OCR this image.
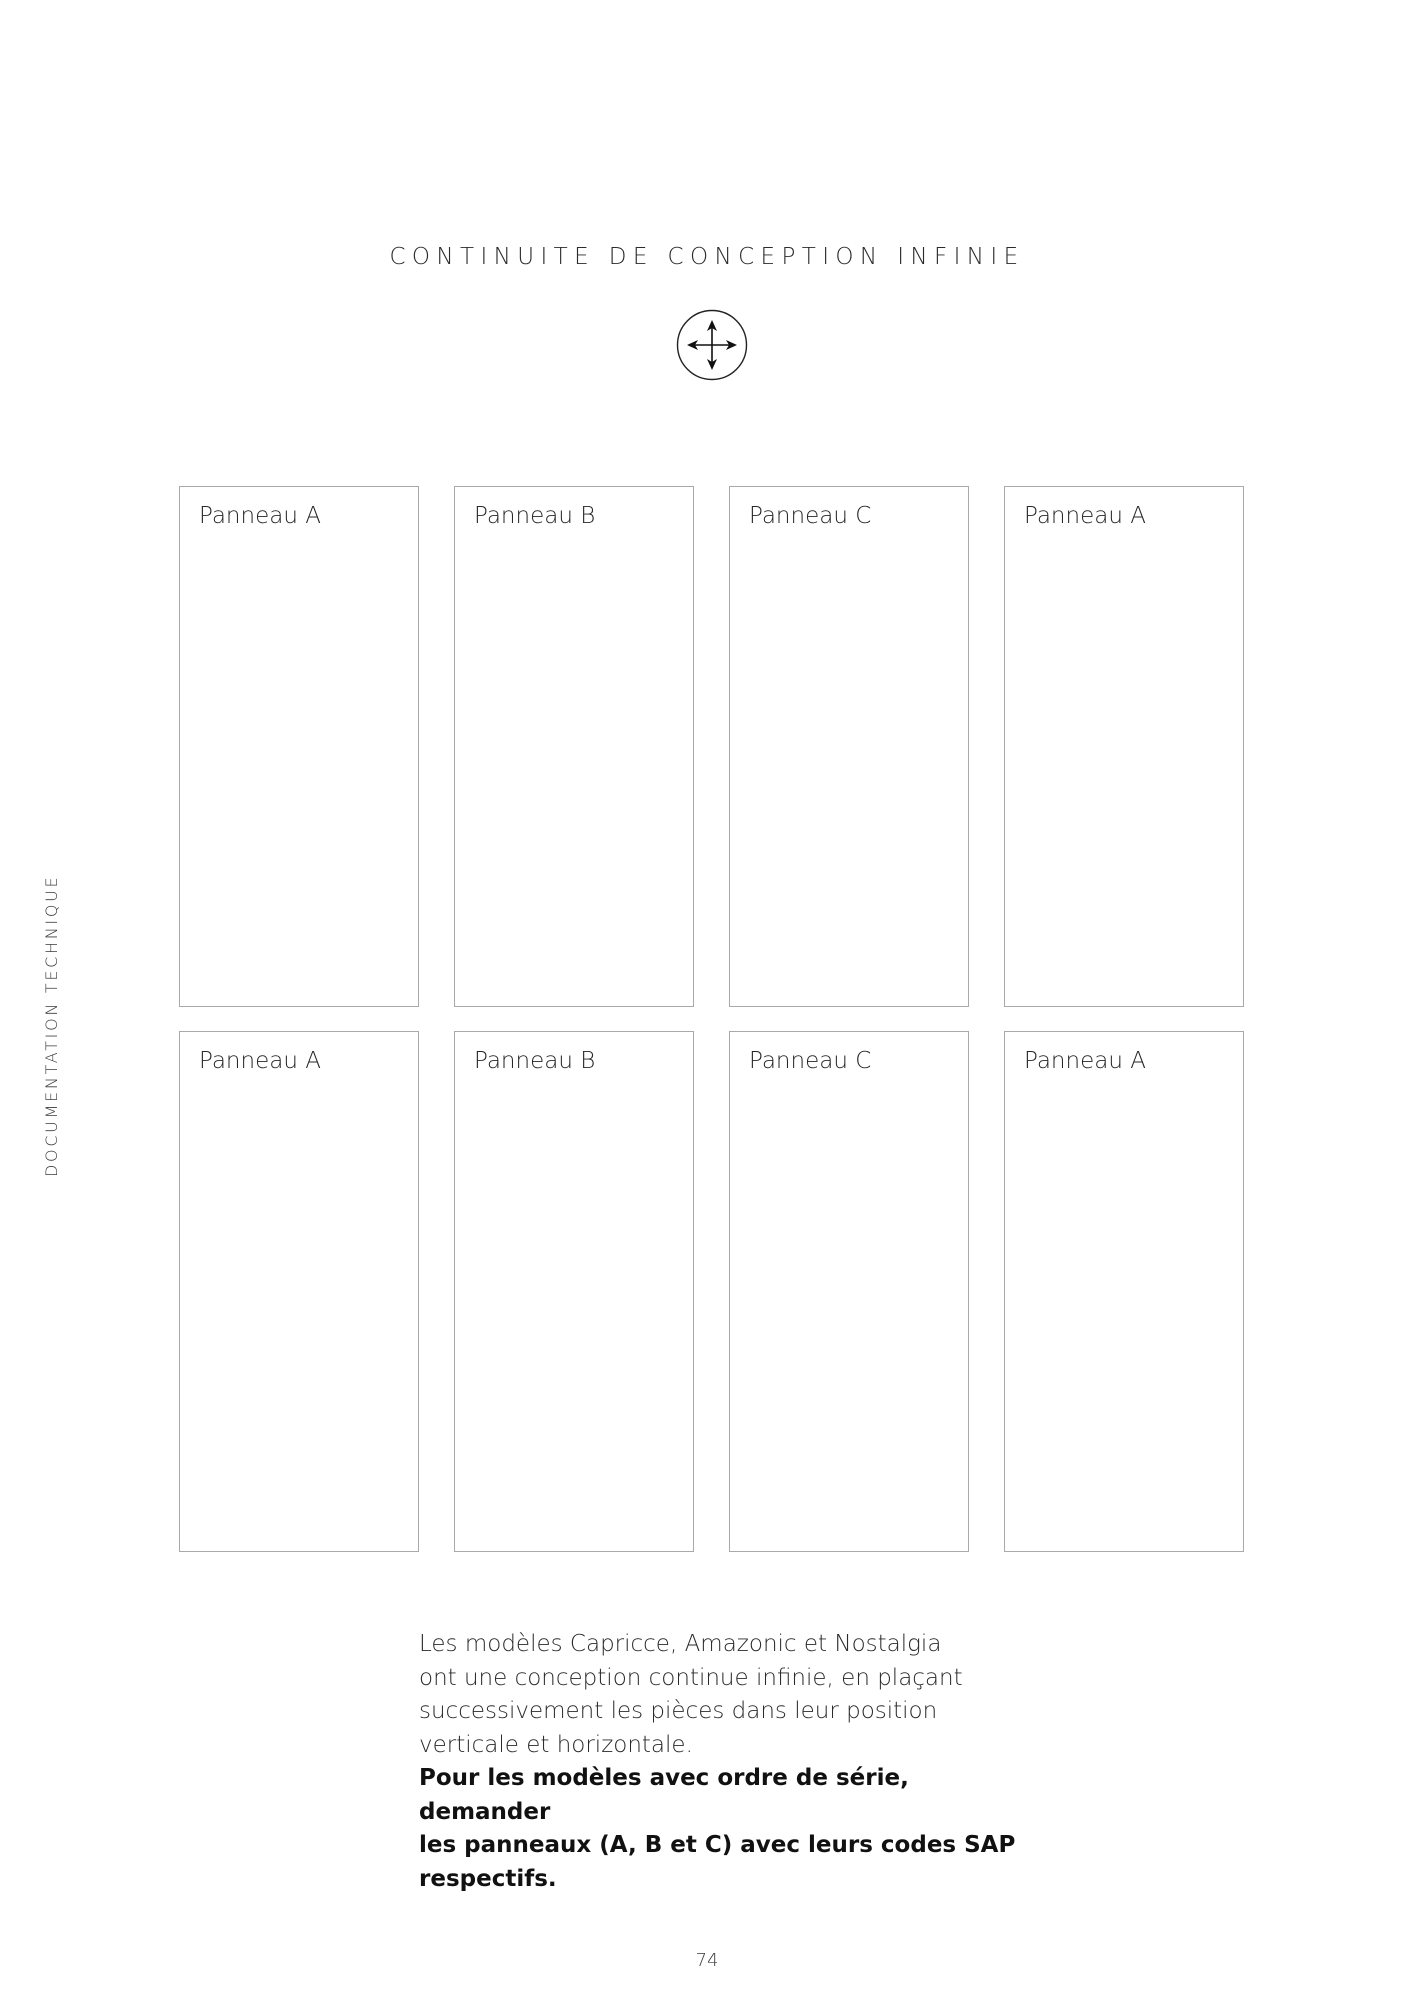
CONTINUITE DE CONCEPTION INFINIE
DOCUMENTATION TECHNIQUE
Panneau A	Panneau B	Panneau C	Panneau A
Panneau A	Panneau B	Panneau C	Panneau A

Les modèles Capricce, Amazonic et Nostalgia

ont une conception continue infinie, en plaçant

successivement les pièces dans leur position

verticale et horizontale.

Pour les modèles avec ordre de série, demander

les panneaux (A, B et C) avec leurs codes SAP

respectifs.

74
